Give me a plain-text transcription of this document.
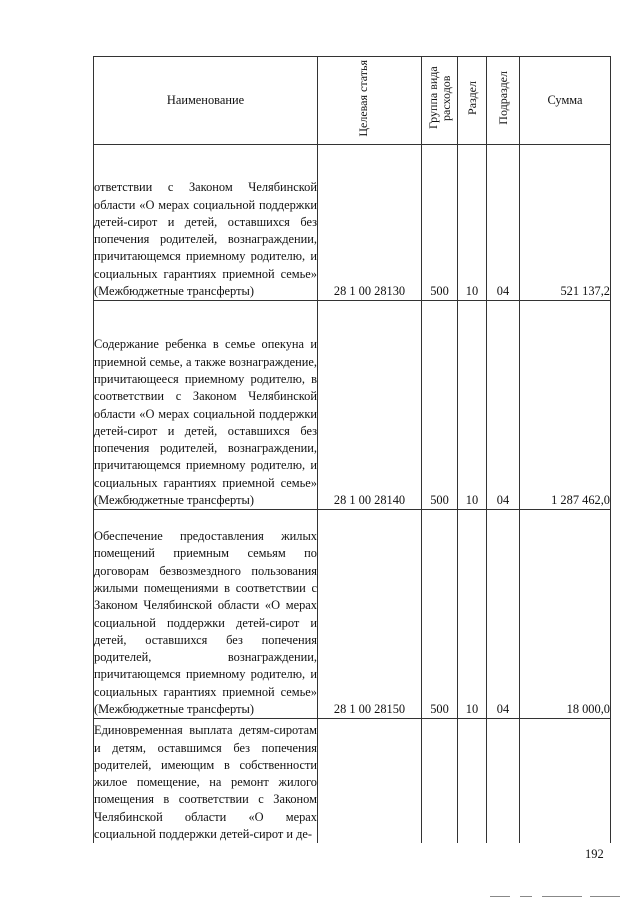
Наименование	Целевая статья	Группа вида расходов	Раздел	Подраздел	Сумма
ответствии с Законом Челябинской области «О мерах социальной поддержки детей-сирот и детей, оставшихся без попечения родителей, вознаграждении, причитающемся приемному родителю, и социальных гарантиях приемной семье» (Межбюджетные трансферты)	28 1 00 28130	500	10	04	521 137,2
Содержание ребенка в семье опекуна и приемной семье, а также вознаграждение, причитающееся приемному родителю, в соответствии с Законом Челябинской области «О мерах социальной поддержки детей-сирот и детей, оставшихся без попечения родителей, вознаграждении, причитающемся приемному родителю, и социальных гарантиях приемной семье» (Межбюджетные трансферты)	28 1 00 28140	500	10	04	1 287 462,0
Обеспечение предоставления жилых помещений приемным семьям по договорам безвозмездного пользования жилыми помещениями в соответствии с Законом Челябинской области «О мерах социальной поддержки детей-сирот и детей, оставшихся без попечения родителей, вознаграждении, причитающемся приемному родителю, и социальных гарантиях приемной семье» (Межбюджетные трансферты)	28 1 00 28150	500	10	04	18 000,0
Единовременная выплата детям-сиротам и детям, оставшимся без попечения родителей, имеющим в собственности жилое помещение, на ремонт жилого помещения в соответствии с Законом Челябинской области «О мерах социальной поддержки детей-сирот и де-					
192
